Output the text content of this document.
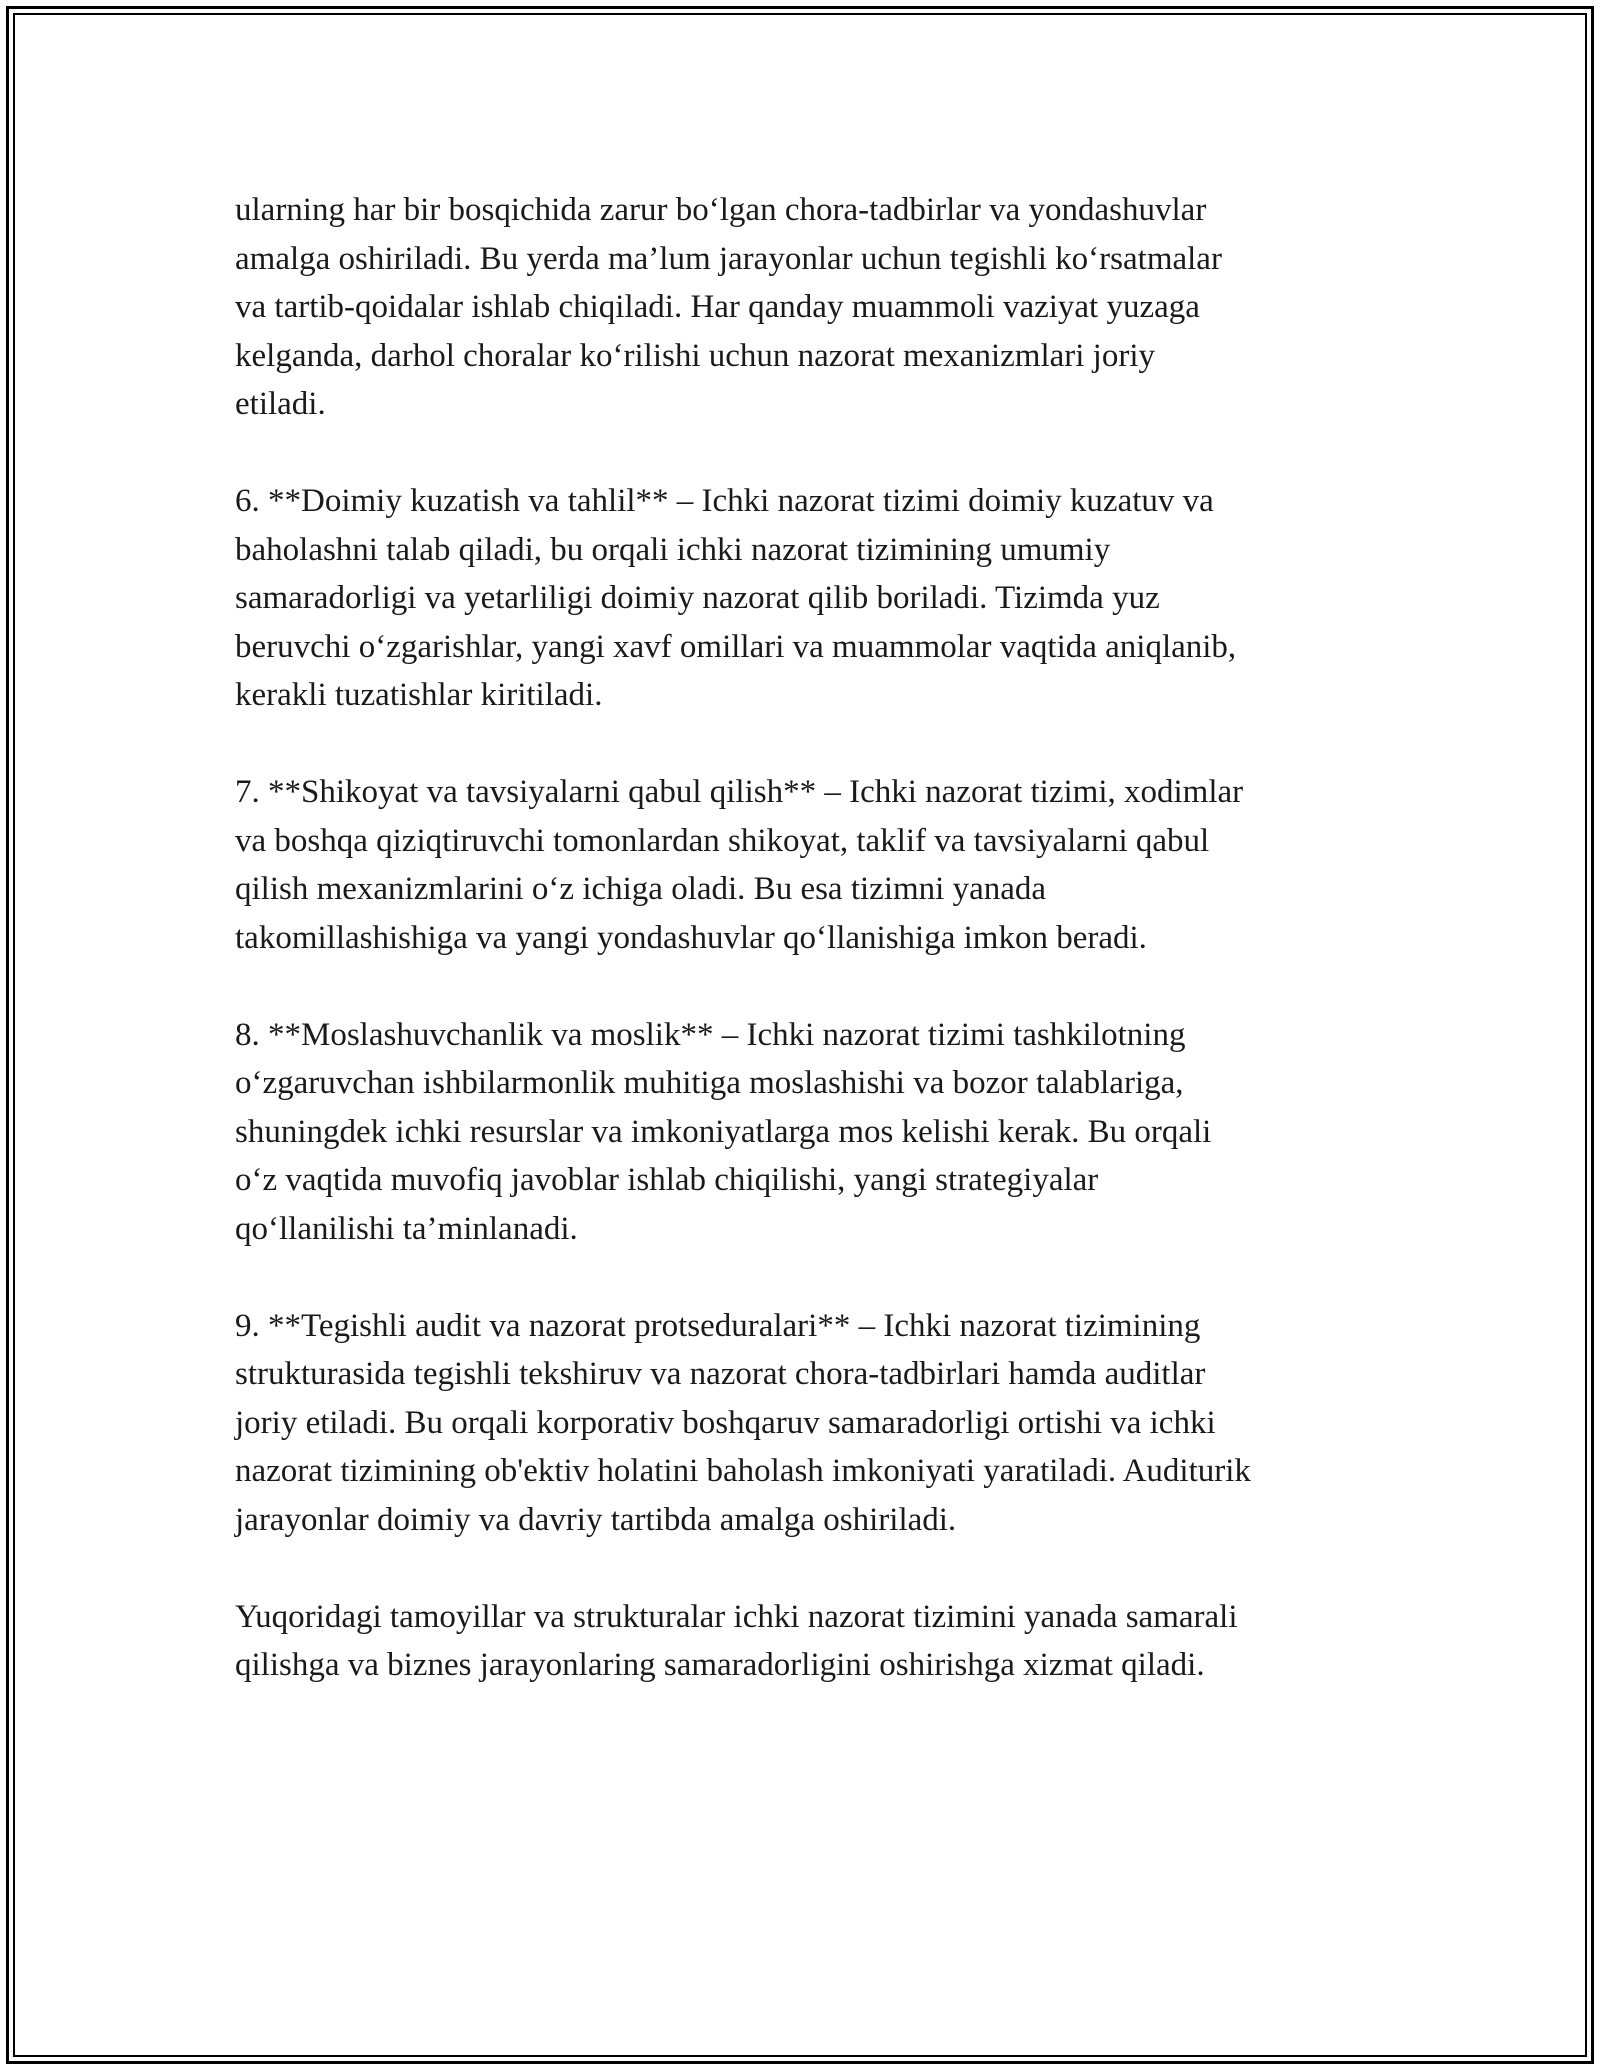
ularning har bir bosqichida zarur bo‘lgan chora-tadbirlar va yondashuvlar
amalga oshiriladi. Bu yerda ma’lum jarayonlar uchun tegishli ko‘rsatmalar
va tartib-qoidalar ishlab chiqiladi. Har qanday muammoli vaziyat yuzaga
kelganda, darhol choralar ko‘rilishi uchun nazorat mexanizmlari joriy
etiladi.

6. **Doimiy kuzatish va tahlil** – Ichki nazorat tizimi doimiy kuzatuv va
baholashni talab qiladi, bu orqali ichki nazorat tizimining umumiy
samaradorligi va yetarliligi doimiy nazorat qilib boriladi. Tizimda yuz
beruvchi o‘zgarishlar, yangi xavf omillari va muammolar vaqtida aniqlanib,
kerakli tuzatishlar kiritiladi.

7. **Shikoyat va tavsiyalarni qabul qilish** – Ichki nazorat tizimi, xodimlar
va boshqa qiziqtiruvchi tomonlardan shikoyat, taklif va tavsiyalarni qabul
qilish mexanizmlarini o‘z ichiga oladi. Bu esa tizimni yanada
takomillashishiga va yangi yondashuvlar qo‘llanishiga imkon beradi.

8. **Moslashuvchanlik va moslik** – Ichki nazorat tizimi tashkilotning
o‘zgaruvchan ishbilarmonlik muhitiga moslashishi va bozor talablariga,
shuningdek ichki resurslar va imkoniyatlarga mos kelishi kerak. Bu orqali
o‘z vaqtida muvofiq javoblar ishlab chiqilishi, yangi strategiyalar
qo‘llanilishi ta’minlanadi.

9. **Tegishli audit va nazorat protseduralari** – Ichki nazorat tizimining
strukturasida tegishli tekshiruv va nazorat chora-tadbirlari hamda auditlar
joriy etiladi. Bu orqali korporativ boshqaruv samaradorligi ortishi va ichki
nazorat tizimining ob'ektiv holatini baholash imkoniyati yaratiladi. Auditurik
jarayonlar doimiy va davriy tartibda amalga oshiriladi.

Yuqoridagi tamoyillar va strukturalar ichki nazorat tizimini yanada samarali
qilishga va biznes jarayonlaring samaradorligini oshirishga xizmat qiladi.
